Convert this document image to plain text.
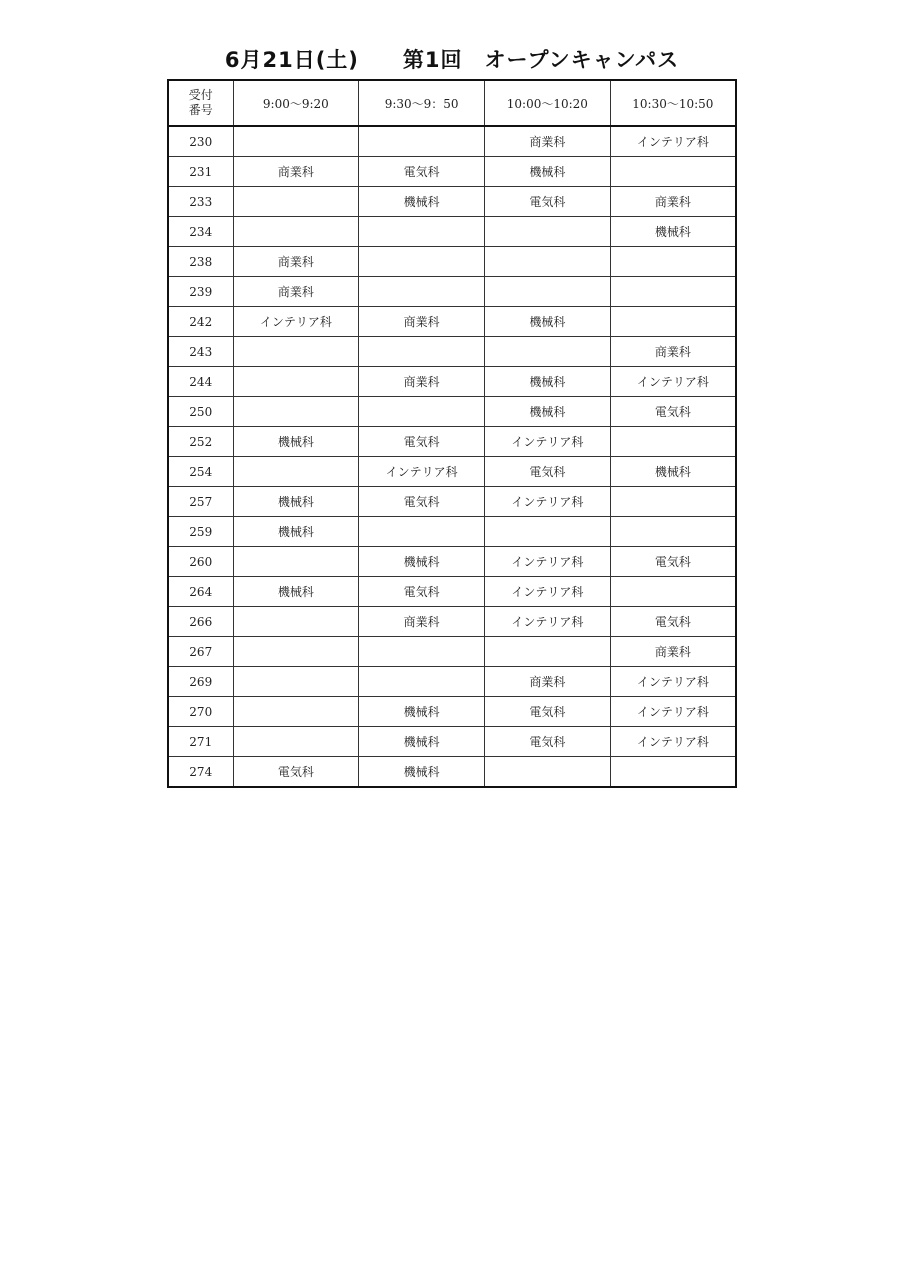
6月21日(土)　　第1回　オープンキャンパス
受付
番号	9:00～9:20	9:30～9：50	10:00～10:20	10:30～10:50
230			商業科	インテリア科
231	商業科	電気科	機械科	
233		機械科	電気科	商業科
234				機械科
238	商業科			
239	商業科			
242	インテリア科	商業科	機械科	
243				商業科
244		商業科	機械科	インテリア科
250			機械科	電気科
252	機械科	電気科	インテリア科	
254		インテリア科	電気科	機械科
257	機械科	電気科	インテリア科	
259	機械科			
260		機械科	インテリア科	電気科
264	機械科	電気科	インテリア科	
266		商業科	インテリア科	電気科
267				商業科
269			商業科	インテリア科
270		機械科	電気科	インテリア科
271		機械科	電気科	インテリア科
274	電気科	機械科		
